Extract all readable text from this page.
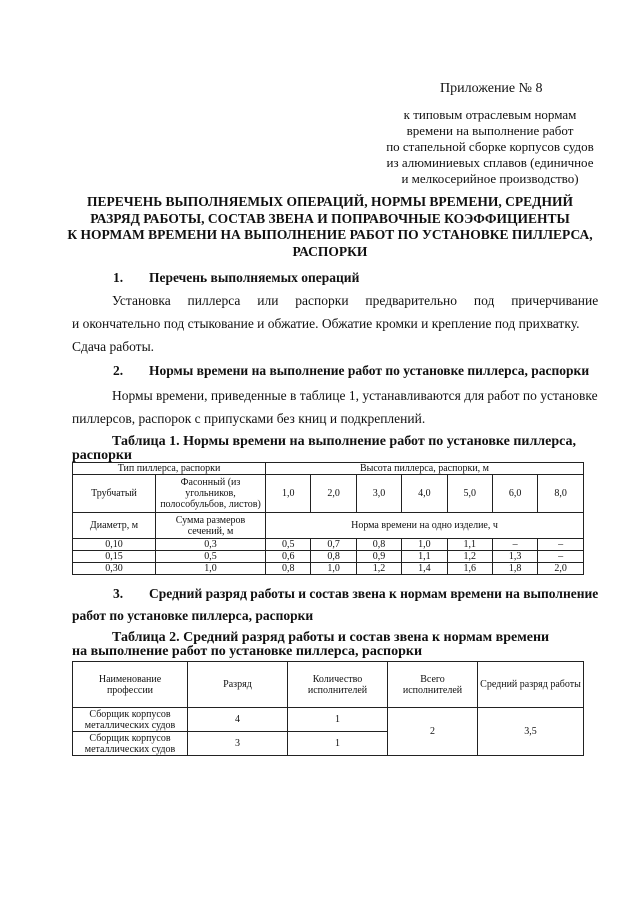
Приложение № 8
к типовым отраслевым нормам
времени на выполнение работ
по стапельной сборке корпусов судов
из алюминиевых сплавов (единичное
и мелкосерийное производство)
ПЕРЕЧЕНЬ ВЫПОЛНЯЕМЫХ ОПЕРАЦИЙ, НОРМЫ ВРЕМЕНИ, СРЕДНИЙ
РАЗРЯД РАБОТЫ, СОСТАВ ЗВЕНА И ПОПРАВОЧНЫЕ КОЭФФИЦИЕНТЫ
К НОРМАМ ВРЕМЕНИ НА ВЫПОЛНЕНИЕ РАБОТ ПО УСТАНОВКЕ ПИЛЛЕРСА,
РАСПОРКИ
1. Перечень выполняемых операций
Установка     пиллерса     или     распорки     предварительно     под     причерчивание
и окончательно под стыкование и обжатие. Обжатие кромки и крепление под прихватку.
Сдача работы.
2. Нормы времени на выполнение работ по установке пиллерса, распорки
Нормы времени, приведенные в таблице 1, устанавливаются для работ по установке
пиллерсов, распорок с припусками без книц и подкреплений.
Таблица 1. Нормы времени на выполнение работ по установке пиллерса,
распорки
Тип пиллерса, распорки		Высота пиллерса, распорки, м						
Трубчатый	Фасонный (из угольников, полособульбов, листов)	1,0	2,0	3,0	4,0	5,0	6,0	8,0
Диаметр, м	Сумма размеров сечений, м	Норма времени на одно изделие, ч						
0,10	0,3	0,5	0,7	0,8	1,0	1,1	–	–
0,15	0,5	0,6	0,8	0,9	1,1	1,2	1,3	–
0,30	1,0	0,8	1,0	1,2	1,4	1,6	1,8	2,0
3. Средний разряд работы и состав звена к нормам времени на выполнение
работ по установке пиллерса, распорки
Таблица 2. Средний разряд работы и состав звена к нормам времени
на выполнение работ по установке пиллерса, распорки
Наименование профессии	Разряд	Количество исполнителей	Всего исполнителей	Средний разряд работы
Сборщик корпусов металлических судов	4	1	2	3,5
Сборщик корпусов металлических судов	3	1		
